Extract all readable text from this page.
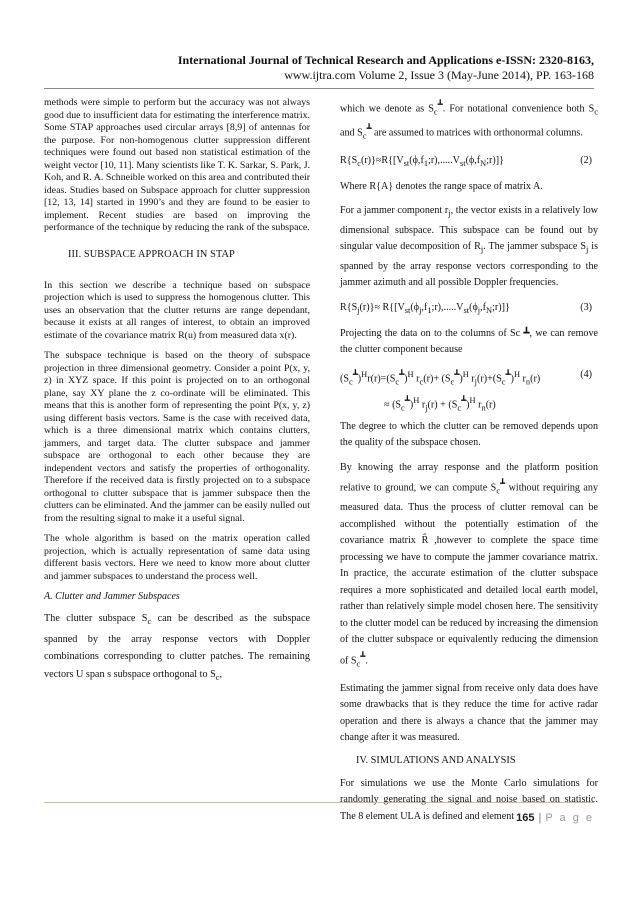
International Journal of Technical Research and Applications e-ISSN: 2320-8163,
www.ijtra.com Volume 2, Issue 3 (May-June 2014), PP. 163-168

methods were simple to perform but the accuracy was not always good due to insufficient data for estimating the interference matrix. Some STAP approaches used circular arrays [8,9] of antennas for the purpose. For non-homogenous clutter suppression different techniques were found out based non statistical estimation of the weight vector [10, 11]. Many scientists like T. K. Sarkar, S. Park, J. Koh, and R. A. Schneible worked on this area and contributed their ideas. Studies based on Subspace approach for clutter suppression [12, 13, 14] started in 1990’s and they are found to be easier to implement. Recent studies are based on improving the performance of the technique by reducing the rank of the subspace.

III. SUBSPACE APPROACH IN STAP

In this section we describe a technique based on subspace projection which is used to suppress the homogenous clutter. This uses an observation that the clutter returns are range dependant, because it exists at all ranges of interest, to obtain an improved estimate of the covariance matrix R(u) from measured data x(r).

The subspace technique is based on the theory of subspace projection in three dimensional geometry. Consider a point P(x, y, z) in XYZ space. If this point is projected on to an orthogonal plane, say XY plane the z co-ordinate will be eliminated. This means that this is another form of representing the point P(x, y, z) using different basis vectors. Same is the case with received data, which is a three dimensional matrix which contains clutters, jammers, and target data. The clutter subspace and jammer subspace are orthogonal to each other because they are independent vectors and satisfy the properties of orthogonality. Therefore if the received data is firstly projected on to a subspace orthogonal to clutter subspace that is jammer subspace then the clutters can be eliminated. And the jammer can be easily nulled out from the resulting signal to make it a useful signal.

The whole algorithm is based on the matrix operation called projection, which is actually representation of same data using different basis vectors. Here we need to know more about clutter and jammer subspaces to understand the process well.

A. Clutter and Jammer Subspaces

The clutter subspace $S_c$ can be described as the subspace spanned by the array response vectors with Doppler combinations corresponding to clutter patches. The remaining vectors U span s subspace orthogonal to $S_c$,

which we denote as $S_c^┻$. For notational convenience both $S_c$ and $S_c^┻$ are assumed to matrices with orthonormal columns.

$R\{S_c(r)\}\approx R\{[V_{st}(\phi,f_1;r),.....V_{st}(\phi,f_N;r)]\}$	(2)

Where R{A} denotes the range space of matrix A.

For a jammer component $r_j$, the vector exists in a relatively low dimensional subspace. This subspace can be found out by singular value decomposition of $R_j$. The jammer subspace $S_j$ is spanned by the array response vectors corresponding to the jammer azimuth and all possible Doppler frequencies.

$R\{S_j(r)\}\approx$ $R\{[V_{st}(\phi_j,f_1;r),.....V_{st}(\phi_j,f_N;r)]\}$	(3)

Projecting the data on to the columns of Sc ┻, we can remove the clutter component because

$(S_c^┻)^Hr(r)=(S_c^┻)^H$ $r_c(r)+ (S_c^┻)^H$ $r_j(r)+(S_c^┻)^H$ $r_n(r)$	(4)
≈ $(S_c^┻)^H$ $r_j(r) + (S_c^┻)^H$ $r_n(r)$

The degree to which the clutter can be removed depends upon the quality of the subspace chosen.

By knowing the array response and the platform position relative to ground, we can compute $S_c^┻$ without requiring any measured data. Thus the process of clutter removal can be accomplished without the potentially estimation of the covariance matrix R̂ ,however to complete the space time processing we have to compute the jammer covariance matrix. In practice, the accurate estimation of the clutter subspace requires a more sophisticated and detailed local earth model, rather than relatively simple model chosen here. The sensitivity to the clutter model can be reduced by increasing the dimension of the clutter subspace or equivalently reducing the dimension of $S_c^┻$.

Estimating the jammer signal from receive only data does have some drawbacks that is they reduce the time for active radar operation and there is always a chance that the jammer may change after it was measured.

IV. SIMULATIONS AND ANALYSIS

For simulations we use the Monte Carlo simulations for randomly generating the signal and noise based on statistic. The 8 element ULA is defined and element 165 | P a g e
